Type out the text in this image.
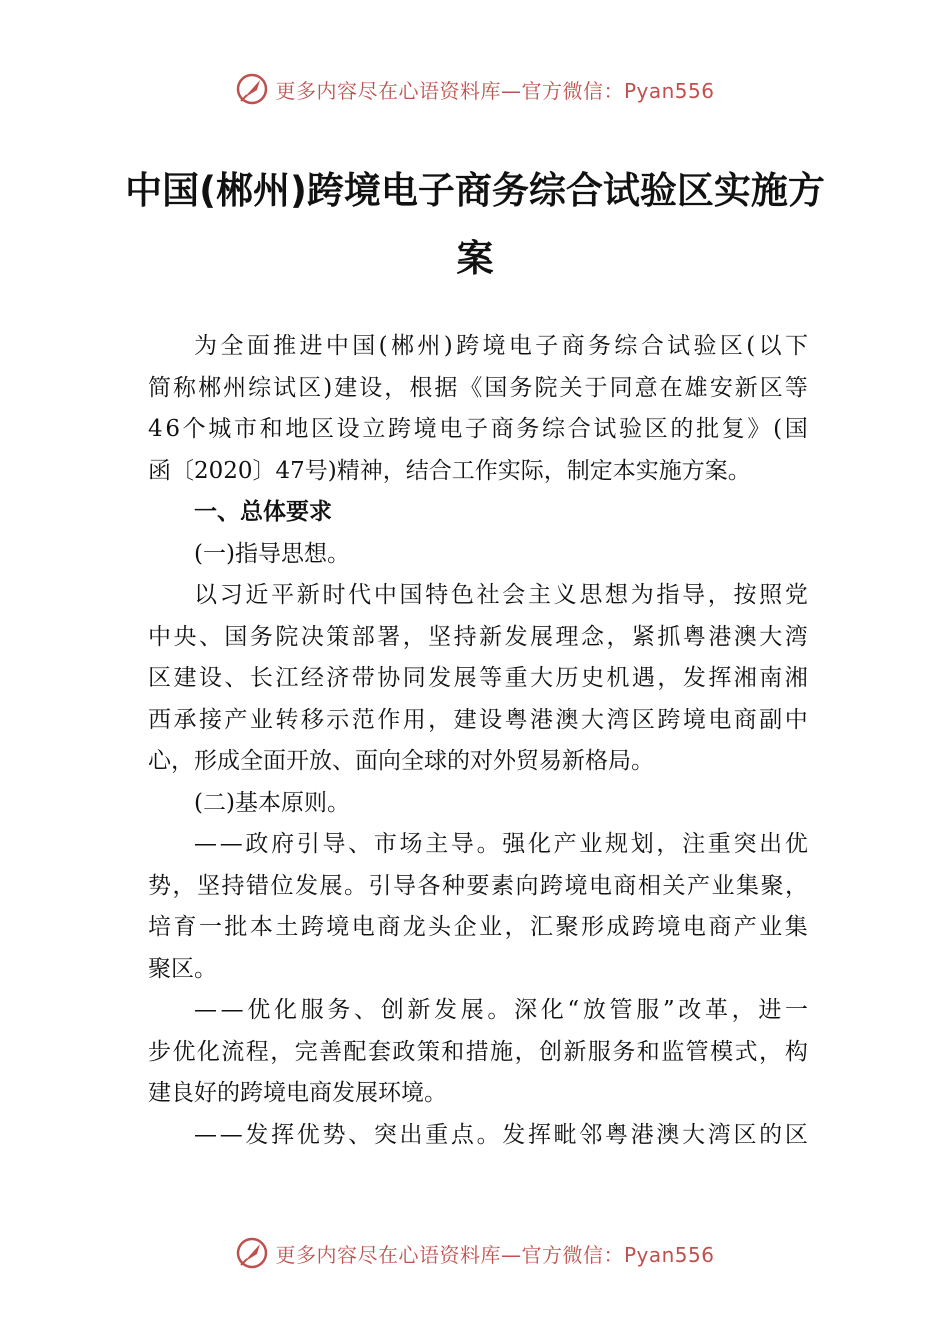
更多内容尽在心语资料库—官方微信：Pyan556
中国(郴州)跨境电子商务综合试验区实施方
案
为 全 面 推 进 中 国 ( 郴 州 ) 跨 境 电 子 商 务 综 合 试 验 区 ( 以 下
简 称 郴 州 综 试 区 ) 建 设 ， 根 据 《 国 务 院 关 于 同 意 在 雄 安 新 区 等
4 6 个 城 市 和 地 区 设 立 跨 境 电 子 商 务 综 合 试 验 区 的 批 复 》 ( 国
函〔2020〕47号)精神，结合工作实际，制定本实施方案。
一、总体要求
(一)指导思想。
以 习 近 平 新 时 代 中 国 特 色 社 会 主 义 思 想 为 指 导 ， 按 照 党
中 央 、 国 务 院 决 策 部 署 ， 坚 持 新 发 展 理 念 ， 紧 抓 粤 港 澳 大 湾
区 建 设 、 长 江 经 济 带 协 同 发 展 等 重 大 历 史 机 遇 ， 发 挥 湘 南 湘
西 承 接 产 业 转 移 示 范 作 用 ， 建 设 粤 港 澳 大 湾 区 跨 境 电 商 副 中
心，形成全面开放、面向全球的对外贸易新格局。
(二)基本原则。
— — 政 府 引 导 、 市 场 主 导 。 强 化 产 业 规 划 ， 注 重 突 出 优
势 ， 坚 持 错 位 发 展 。 引 导 各 种 要 素 向 跨 境 电 商 相 关 产 业 集 聚 ，
培 育 一 批 本 土 跨 境 电 商 龙 头 企 业 ， 汇 聚 形 成 跨 境 电 商 产 业 集
聚区。
— — 优 化 服 务 、 创 新 发 展 。 深 化 “ 放 管 服 ” 改 革 ， 进 一
步 优 化 流 程 ， 完 善 配 套 政 策 和 措 施 ， 创 新 服 务 和 监 管 模 式 ， 构
建良好的跨境电商发展环境。
— — 发 挥 优 势 、 突 出 重 点 。 发 挥 毗 邻 粤 港 澳 大 湾 区 的 区
更多内容尽在心语资料库—官方微信：Pyan556
